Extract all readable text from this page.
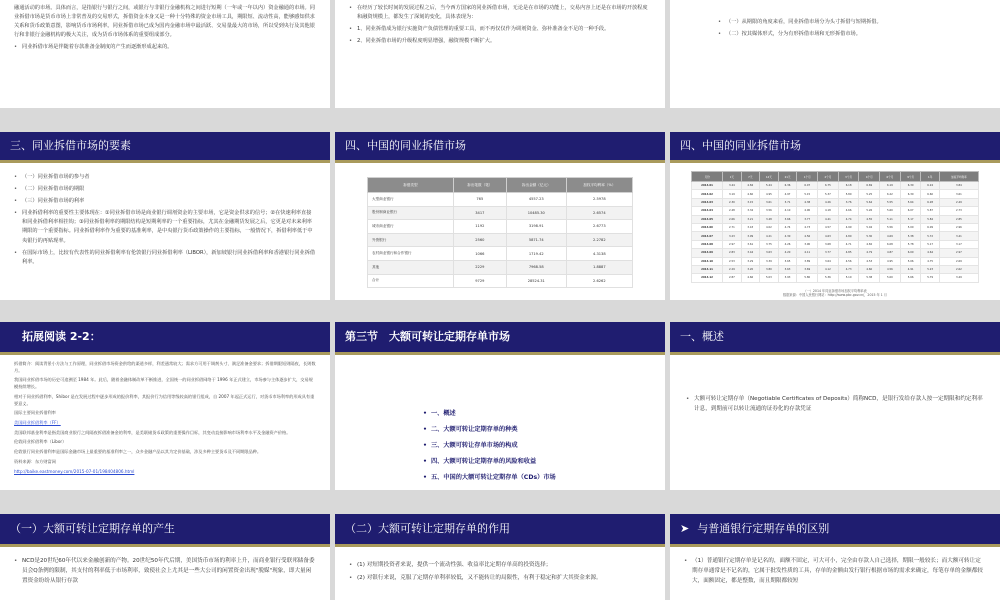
融通活动的市场。具体而言，是指银行与银行之间，或银行与非银行金融机构之间进行短期（一年或一年以内）资金融通的市场。同业拆借市场是货币市场上非常普及的交易形式，拆借资金本身又是一种十分特殊的资金市场工具，期限短、流动性高，能够感知供求关系和货币政策意图，影响货币市场利率。同业拆借市场已成为国内金融市场中最活跃、交易量最大的市场，所以受到央行及其他银行和非银行金融机构的极大关注，成为货币市场体系的重要组成部分。

• 同业拆借市场是伴随着存款准备金制度的产生而逐渐形成起来的。
• 在经历了较长时间的发展过程之后，当今西方国家的同业拆借市场，无论是在市场的功能上，交易内容上还是在市场的开放程度和融资规模上，都发生了深刻的变化，具体表现为：
• 1、同业拆借成为银行实施资产负债管理的重要工具，而不再仅仅作为调剂资金、弥补准备金不足的一种手段。
• 2、同业拆借市场的升级程度明显增强，融资规模不断扩大。
• （一）从期限的角度来看，同业拆借市场分为头寸拆借与短期拆借。
• （二）按其媒体形式，分为有形拆借市场和无形拆借市场。
三、同业拆借市场的要素
• （一）同业拆借市场的参与者
• （二）同业拆借市场的期限
• （三）同业拆借市场的利率
• 同业拆借利率的重要性主要体现在：①同业拆借市场是商业银行调剂资金的主要市场，它是资金供求的信号；②在快速利率直接和同业拆借利率相挂钩；③同业拆借利率的期限结构是短期利率的一个重要指标，尤其在金融期货发展之后，它更是对未来利率期限的一个重要指标。同业拆借利率作为重要的基准利率，是中央银行货币政策操作的主要指标，一般情况下，拆借利率低于中央银行的再贴现率。
• 在国际市场上，比较有代表性的同业拆借利率有伦敦银行同业拆借利率（LIBOR），新加坡银行同业拆借利率和香港银行同业拆借利率。
四、中国的同业拆借市场
拆借类型	拆出笔数（笔）	拆出金额（亿元）	加权平均利率（%）
大型商业银行	765	4557.23	2.5978
股份制商业银行	3417	10485.30	2.6574
城市商业银行	1192	3198.91	2.6773
外资银行	2560	5871.74	2.2782
农村商业银行和合作银行	1066	1719.42	4.3138
其他	2229	7968.58	1.8887
合计	9729	28524.31	2.6262
四、中国的同业拆借市场
月份	1天	7天	14天	21天	1个月	2个月	3个月	4个月	6个月	9个月	1年	加权平均利率
2014.01	3.44	4.84	5.44	6.36	6.07	6.75	6.18	6.69	6.19	6.30	6.24	3.84
2014.02	3.19	4.60	4.95	4.97	5.15	5.37	5.80	5.25	6.22	6.30	6.60	3.61
2014.03	2.30	3.15	3.61	3.71	4.38	4.26	3.76	5.64	5.55	5.64	6.28	2.49
2014.04	2.48	3.34	3.56	4.10	4.90	4.18	4.66	5.26	5.60	6.07	5.87	2.73
2014.05	2.66	3.21	3.48	3.66	3.77	4.41	4.74	4.55	5.11	5.17	5.84	2.85
2014.06	2.71	3.43	4.02	4.74	4.73	4.57	4.99	5.04	5.56	5.00	6.09	2.96
2014.07	3.23	3.99	4.21	4.30	4.56	4.63	4.80	5.30	4.69	5.38	5.72	3.41
2014.08	2.97	3.61	3.75	4.26	3.90	3.68	4.71	4.82	6.08	5.78	5.17	3.17
2014.09	2.83	3.44	3.63	4.20	4.11	3.77	4.85	4.79	4.87	6.00	4.64	2.97
2014.10	2.53	3.29	3.39	3.65	3.89	3.64	4.56	4.53	4.95	5.06	4.75	2.69
2014.11	2.29	3.20	3.80	3.63	3.69	4.12	4.73	4.60	4.56	4.91	5.23	2.62
2014.12	2.87	4.66	5.03	3.93	5.80	5.36	5.10	5.38	5.00	5.66	5.79	3.49
（一）2014 年同业拆借市场加权平均利率表
数据来源：中国人民银行网站：http://www.pbc.gov.cn/，2015 年 1 月
拓展阅读 2-2：

拆借简介：阅读背景小方法与工作原理，同业拆借市场资金供给的渠道多样，利差通常较大；需求方可用于调剂头寸、满足准备金要求；拆借期限短则隔夜，长则数月。

我国同业拆借市场的历史可追溯至 1984 年。此后，随着金融体制改革不断推进，全国统一的同业拆借网络于 1996 年正式建立，市场参与主体逐步扩大，交易规模持续增长。

相对于同业拆借利率，Shibor 是在发展过程中逐步形成的报价利率，其报价行为信用等级较高的银行组成，自 2007 年起正式运行，对货币市场利率的形成具有重要意义。

国际主要同业拆借利率

美国同业拆借利率（FF）

美国联邦基金利率是指美国商业银行之间隔夜拆借准备金的利率，是美联储货币政策的重要操作目标，其变动直接影响市场利率水平及金融资产价格。

伦敦同业拆借利率（Libor）

伦敦银行同业拆借利率是国际金融市场上最重要的基准利率之一，众多金融产品以其为定价基础，涉及多种主要货币及不同期限品种。

资料来源：东方财富网

http://baike.eastmoney.com/2015-07-01/198404806.html

第三节　大额可转让定期存单市场
• 一、概述
• 二、大额可转让定期存单的种类
• 三、大额可转让存单市场的构成
• 四、大额可转让定期存单的风险和收益
• 五、中国的大额可转让定期存单（CDs）市场
一、概述
• 大额可转让定期存单（Negotiable Certificates of Deposits）简称NCD，是银行发给存款人按一定期限和约定利率计息，到期前可以转让流通的证券化的存款凭证
（一）大额可转让定期存单的产生
• NCD是20世纪60年代以来金融创新的产物。20世纪50年代后期，美国货币市场的利率上升，而商业银行受联邦储备委员会Q条例的限制，其支付的利率低于市场利率，致使社会上尤其是一些大公司的闲置资金出现"脱媒"现象，即大量闲置资金纷纷从银行存款
（二）大额可转让定期存单的作用
• (1) 对短期投资者来说，提供一个流动性强、收益率比定期存单高的投资选择；
• (2) 对银行来说，克服了定期存单利率较低，又不能转让的局限性，有利于稳定和扩大其资金来源。
➤ 与普通银行定期存单的区别
• （1）普通银行定期存单是记名的，面额不固定，可大可小，完全由存款人自己选择，期限一般较长；而大额可转让定期存单通常是不记名的，它属于批发性质的工具，存单的金额由发行银行根据市场的需求来确定，每笔存单的金额都较大，面额固定，都是整数，而且期限都较短
